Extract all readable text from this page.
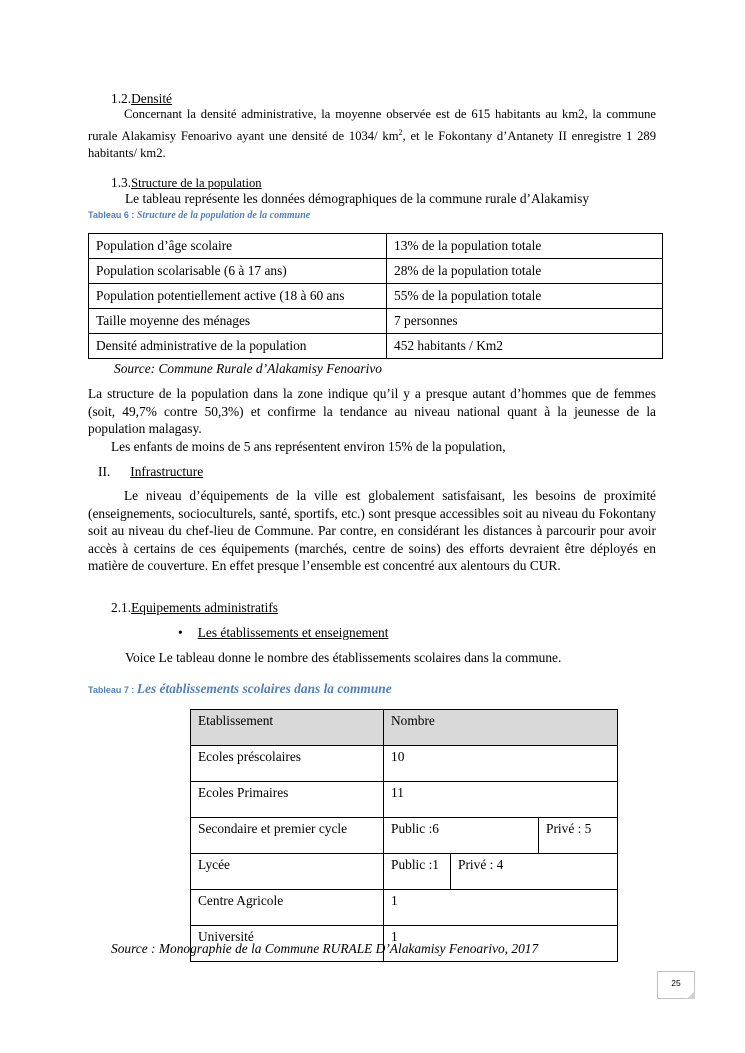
1.2.Densité
Concernant la densité administrative, la moyenne observée est de 615 habitants au km2, la commune rurale Alakamisy Fenoarivo ayant une densité de 1034/ $km^2$, et le Fokontany d’Antanety II enregistre 1 289 habitants/ km2.
1.3.Structure de la population
Le tableau représente les données démographiques de la commune rurale d’Alakamisy
Tableau 6 : Structure de la population de la commune
Population d’âge scolaire	13% de la population totale
Population scolarisable (6 à 17 ans)	28% de la population totale
Population potentiellement active (18 à 60 ans	55% de la population totale
Taille moyenne des ménages	7 personnes
Densité administrative de la population	452 habitants / Km2
Source: Commune Rurale d’Alakamisy Fenoarivo
La structure de la population dans la zone indique qu’il y a presque autant d’hommes que de femmes (soit, 49,7% contre 50,3%) et confirme la tendance au niveau national quant à la jeunesse de la population malagasy.
Les enfants de moins de 5 ans représentent environ 15% de la population,
II. Infrastructure
Le niveau d’équipements de la ville est globalement satisfaisant, les besoins de proximité (enseignements, socioculturels, santé, sportifs, etc.) sont presque accessibles soit au niveau du Fokontany soit au niveau du chef-lieu de Commune. Par contre, en considérant les distances à parcourir pour avoir accès à certains de ces équipements (marchés, centre de soins) des efforts devraient être déployés en matière de couverture. En effet presque l’ensemble est concentré aux alentours du CUR.
2.1.Equipements administratifs
• Les établissements et enseignement
Voice Le tableau donne le nombre des établissements scolaires dans la commune.
Tableau 7 : Les établissements scolaires dans la commune
Etablissement	Nombre		
Ecoles préscolaires	10		
Ecoles Primaires	11		
Secondaire et premier cycle	Public :6		Privé : 5
Lycée	Public :1	Privé : 4	
Centre Agricole	1		
Université	1		
Source : Monographie de la Commune RURALE D’Alakamisy Fenoarivo, 2017
25
